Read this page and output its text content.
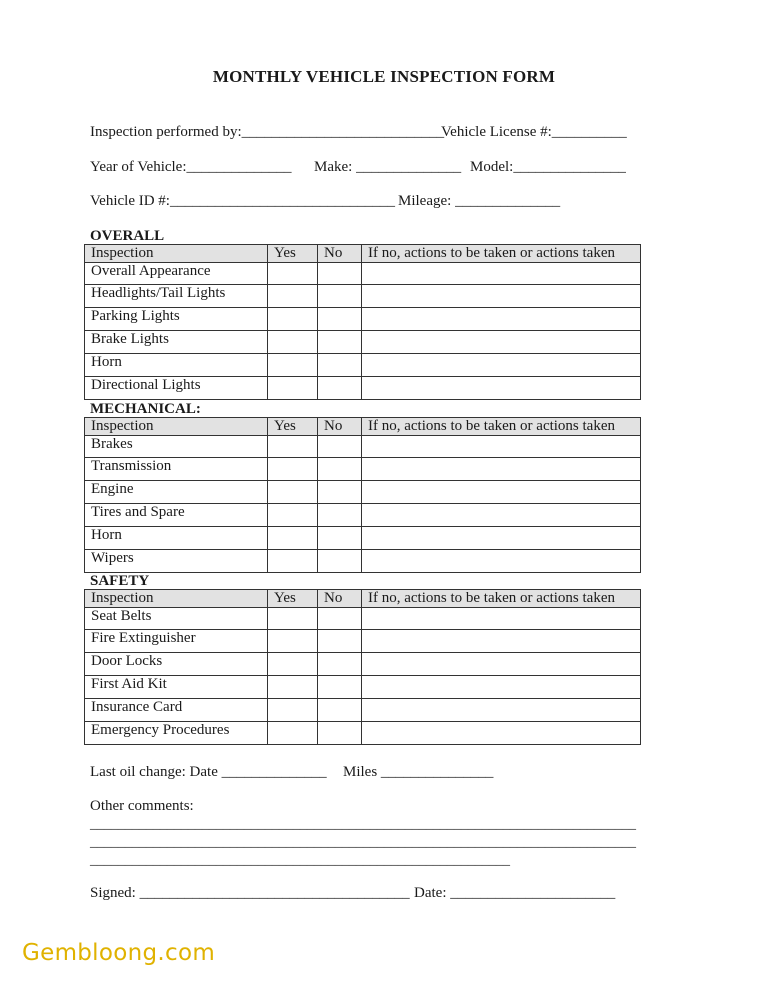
MONTHLY VEHICLE INSPECTION FORM
Inspection performed by:___________________________
Vehicle License #:__________
Year of Vehicle:______________ Make: ______________ Model:_______________
Vehicle ID #:______________________________ Mileage: ______________
OVERALL
Inspection	Yes	No	If no, actions to be taken or actions taken
Overall Appearance			
Headlights/Tail Lights			
Parking Lights			
Brake Lights			
Horn			
Directional Lights			
MECHANICAL:
Inspection	Yes	No	If no, actions to be taken or actions taken
Brakes			
Transmission			
Engine			
Tires and Spare			
Horn			
Wipers			
SAFETY
Inspection	Yes	No	If no, actions to be taken or actions taken
Seat Belts			
Fire Extinguisher			
Door Locks			
First Aid Kit			
Insurance Card			
Emergency Procedures			
Last oil change: Date ______________ Miles _______________
Other comments:
______________________________________________________________________________
______________________________________________________________________________
____________________________________________________________
Signed: ____________________________________ Date: ______________________
Gembloong.com
